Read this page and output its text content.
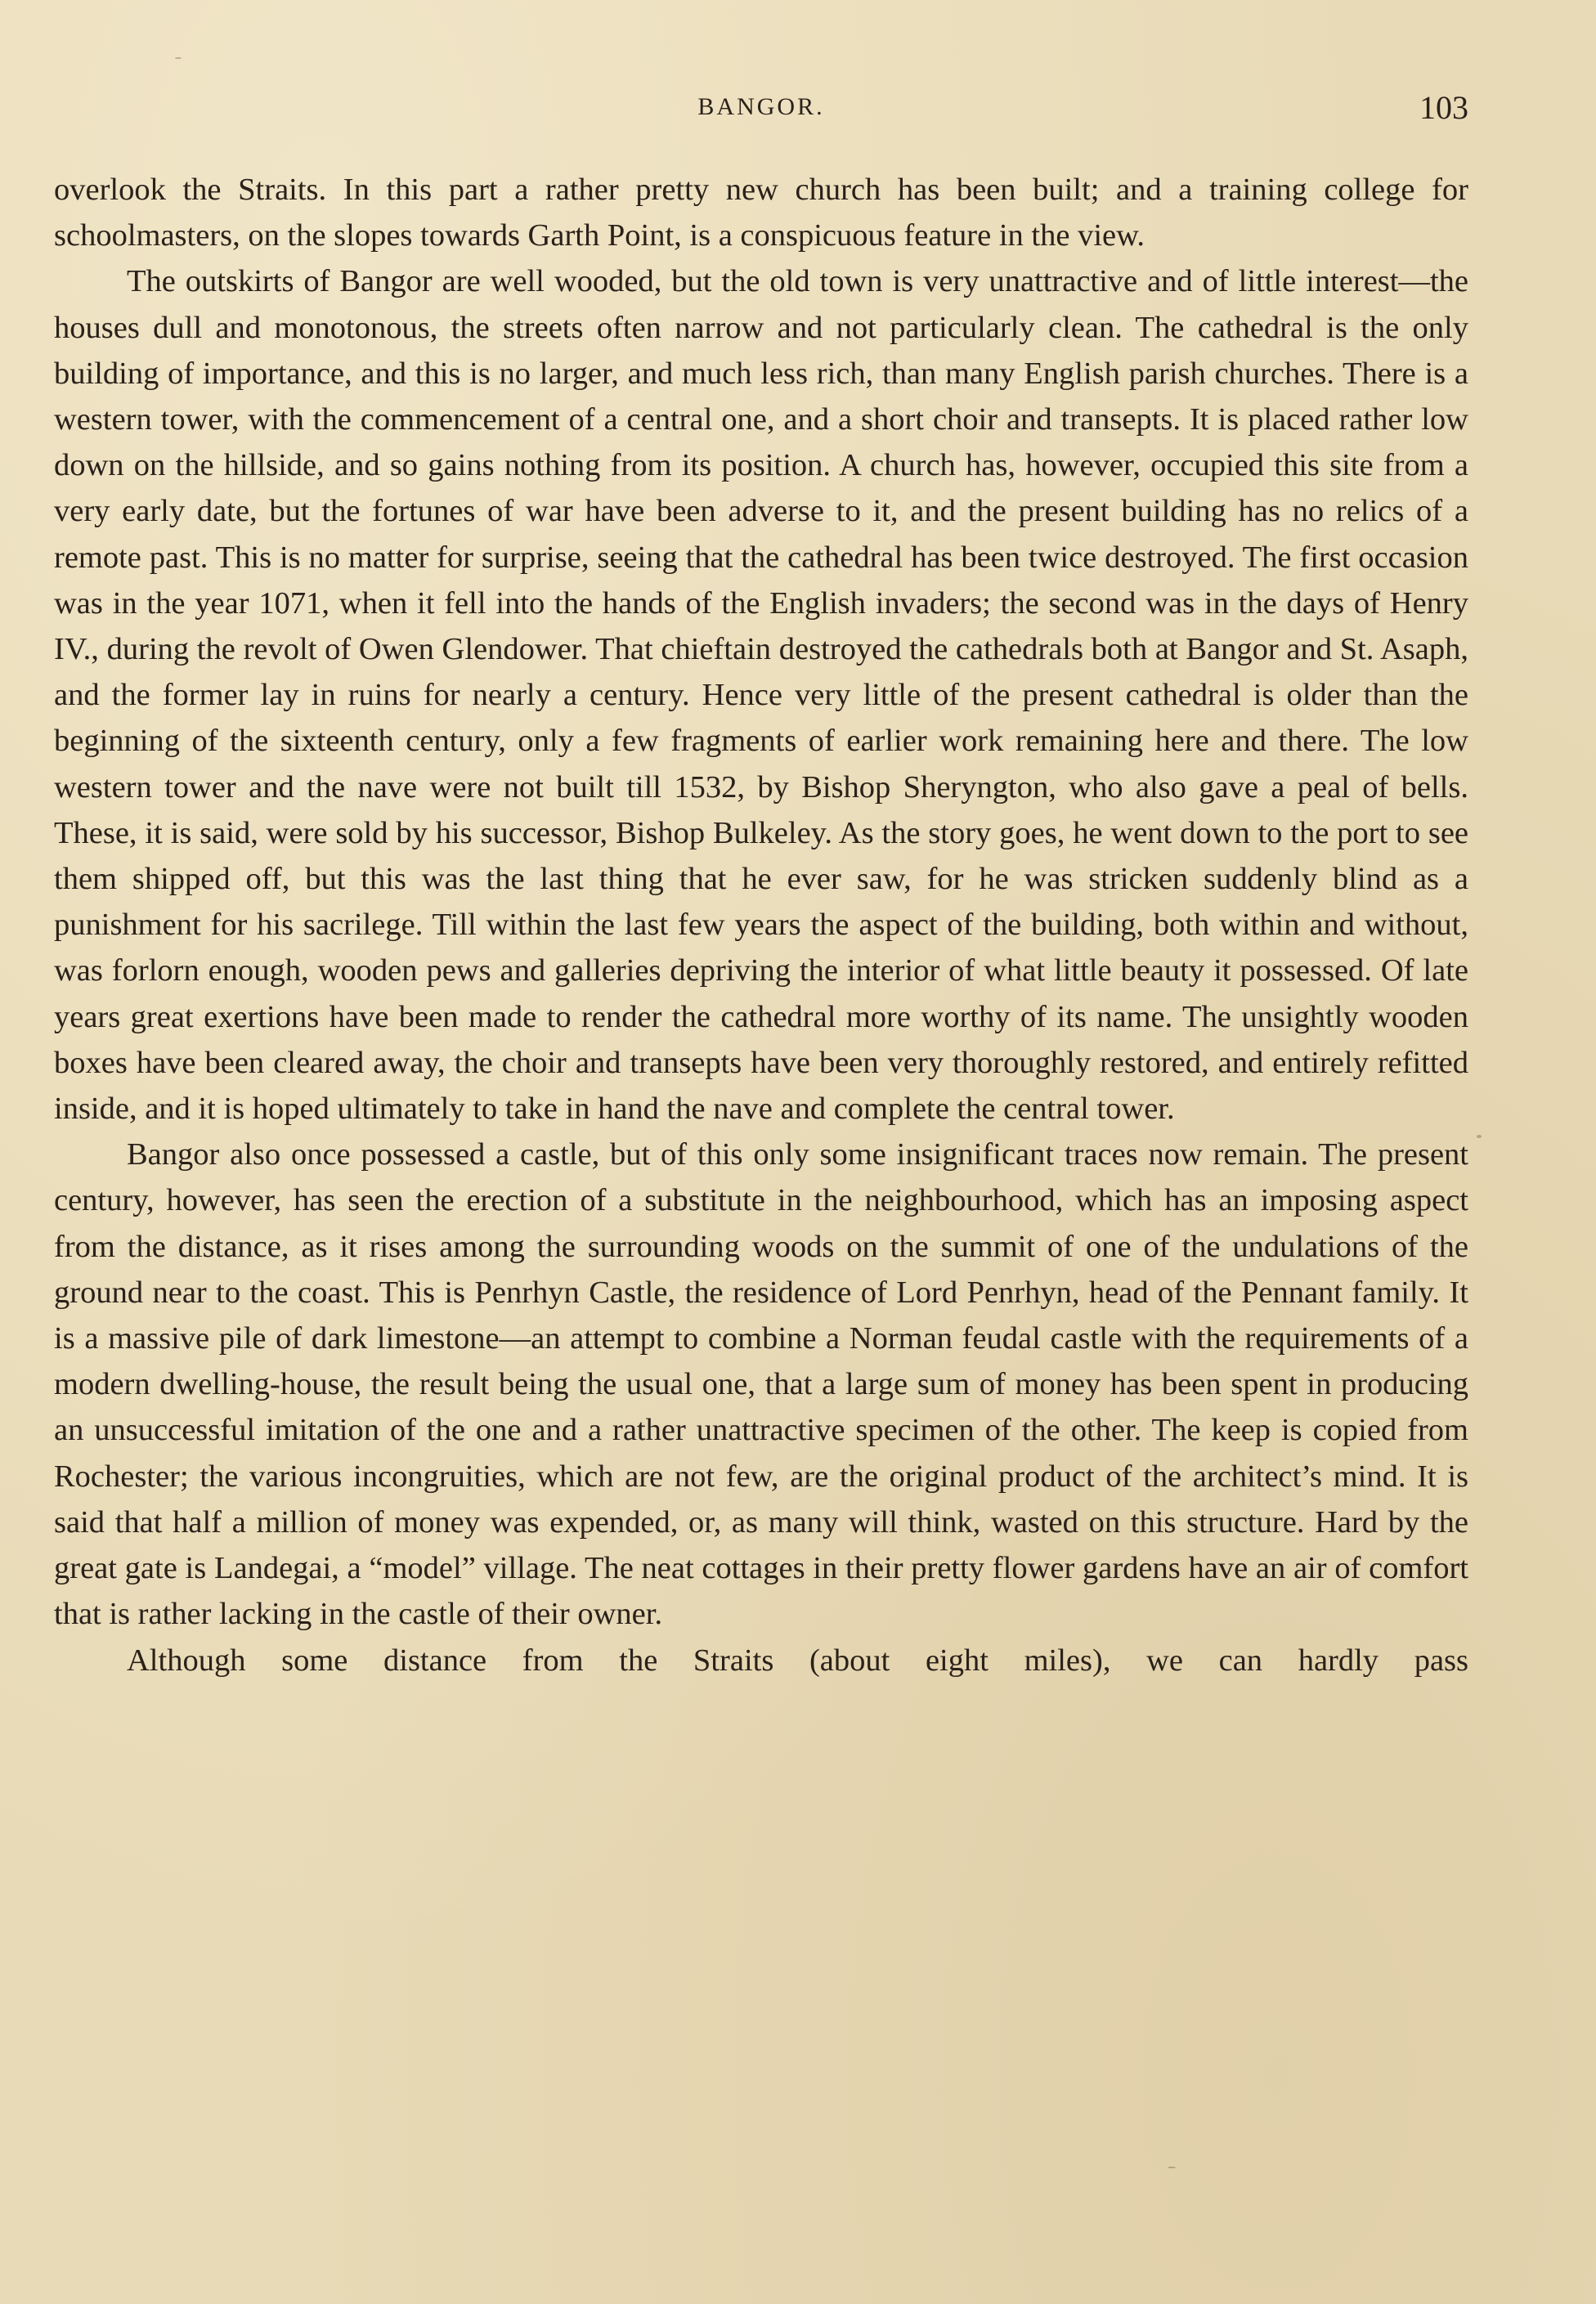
BANGOR.	103

overlook the Straits. In this part a rather pretty new church has been built; and a training college for schoolmasters, on the slopes towards Garth Point, is a conspicuous feature in the view.

The outskirts of Bangor are well wooded, but the old town is very unattractive and of little interest—the houses dull and monotonous, the streets often narrow and not particularly clean. The cathedral is the only building of importance, and this is no larger, and much less rich, than many English parish churches. There is a western tower, with the commencement of a central one, and a short choir and transepts. It is placed rather low down on the hillside, and so gains nothing from its position. A church has, however, occupied this site from a very early date, but the fortunes of war have been adverse to it, and the present building has no relics of a remote past. This is no matter for surprise, seeing that the cathedral has been twice destroyed. The first occasion was in the year 1071, when it fell into the hands of the English invaders; the second was in the days of Henry IV., during the revolt of Owen Glendower. That chieftain destroyed the cathedrals both at Bangor and St. Asaph, and the former lay in ruins for nearly a century. Hence very little of the present cathedral is older than the beginning of the sixteenth century, only a few fragments of earlier work remaining here and there. The low western tower and the nave were not built till 1532, by Bishop Sheryngton, who also gave a peal of bells. These, it is said, were sold by his successor, Bishop Bulkeley. As the story goes, he went down to the port to see them shipped off, but this was the last thing that he ever saw, for he was stricken suddenly blind as a punishment for his sacrilege. Till within the last few years the aspect of the building, both within and without, was forlorn enough, wooden pews and galleries depriving the interior of what little beauty it possessed. Of late years great exertions have been made to render the cathedral more worthy of its name. The unsightly wooden boxes have been cleared away, the choir and transepts have been very thoroughly restored, and entirely refitted inside, and it is hoped ultimately to take in hand the nave and complete the central tower.

Bangor also once possessed a castle, but of this only some insignificant traces now remain. The present century, however, has seen the erection of a substitute in the neighbourhood, which has an imposing aspect from the distance, as it rises among the surrounding woods on the summit of one of the undulations of the ground near to the coast. This is Penrhyn Castle, the residence of Lord Penrhyn, head of the Pennant family. It is a massive pile of dark limestone—an attempt to combine a Norman feudal castle with the requirements of a modern dwelling-house, the result being the usual one, that a large sum of money has been spent in producing an unsuccessful imitation of the one and a rather unattractive specimen of the other. The keep is copied from Rochester; the various incongruities, which are not few, are the original product of the architect’s mind. It is said that half a million of money was expended, or, as many will think, wasted on this structure. Hard by the great gate is Landegai, a “model” village. The neat cottages in their pretty flower gardens have an air of comfort that is rather lacking in the castle of their owner.

Although some distance from the Straits (about eight miles), we can hardly pass
